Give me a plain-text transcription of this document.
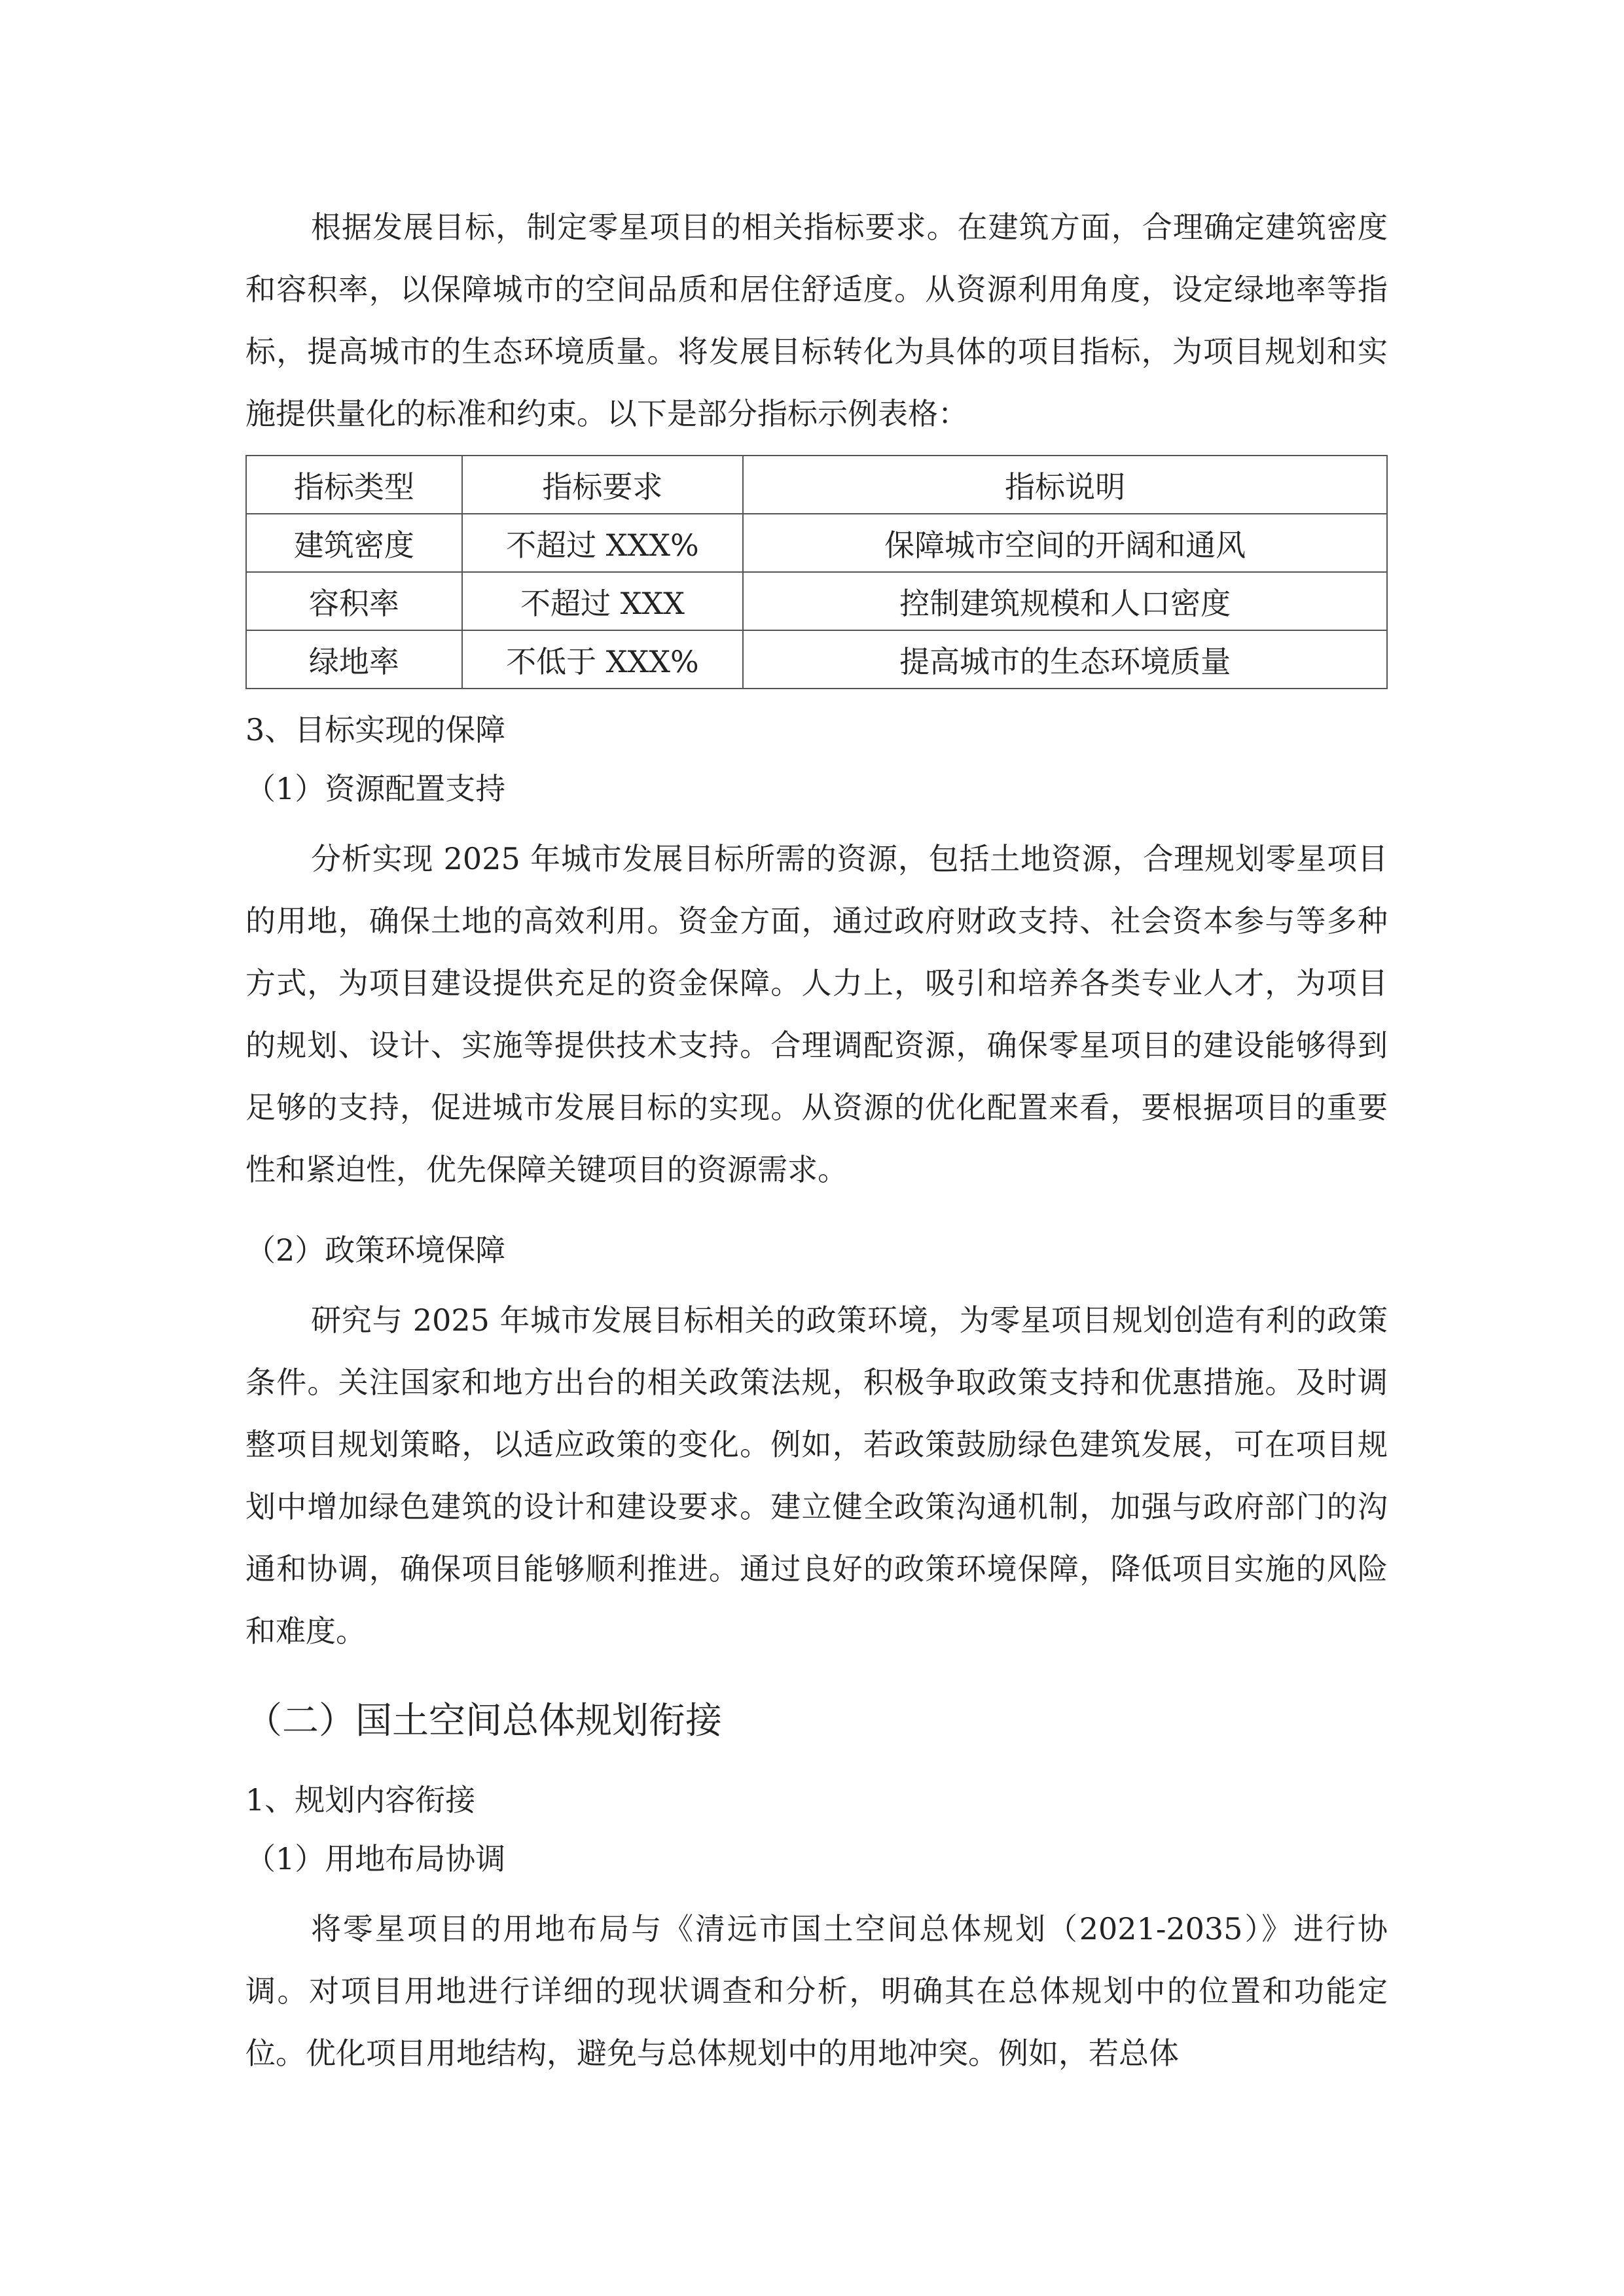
根据发展目标，制定零星项目的相关指标要求。在建筑方面，合理确定建筑密度和容积率，以保障城市的空间品质和居住舒适度。从资源利用角度，设定绿地率等指标，提高城市的生态环境质量。将发展目标转化为具体的项目指标，为项目规划和实施提供量化的标准和约束。以下是部分指标示例表格：

指标类型	指标要求	指标说明
建筑密度	不超过 XXX%	保障城市空间的开阔和通风
容积率	不超过 XXX	控制建筑规模和人口密度
绿地率	不低于 XXX%	提高城市的生态环境质量

3、目标实现的保障

（1）资源配置支持

分析实现 2025 年城市发展目标所需的资源，包括土地资源，合理规划零星项目的用地，确保土地的高效利用。资金方面，通过政府财政支持、社会资本参与等多种方式，为项目建设提供充足的资金保障。人力上，吸引和培养各类专业人才，为项目的规划、设计、实施等提供技术支持。合理调配资源，确保零星项目的建设能够得到足够的支持，促进城市发展目标的实现。从资源的优化配置来看，要根据项目的重要性和紧迫性，优先保障关键项目的资源需求。

（2）政策环境保障

研究与 2025 年城市发展目标相关的政策环境，为零星项目规划创造有利的政策条件。关注国家和地方出台的相关政策法规，积极争取政策支持和优惠措施。及时调整项目规划策略，以适应政策的变化。例如，若政策鼓励绿色建筑发展，可在项目规划中增加绿色建筑的设计和建设要求。建立健全政策沟通机制，加强与政府部门的沟通和协调，确保项目能够顺利推进。通过良好的政策环境保障，降低项目实施的风险和难度。

（二）国土空间总体规划衔接

1、规划内容衔接

（1）用地布局协调

将零星项目的用地布局与《清远市国土空间总体规划（2021-2035）》进行协调。对项目用地进行详细的现状调查和分析，明确其在总体规划中的位置和功能定位。优化项目用地结构，避免与总体规划中的用地冲突。例如，若总体
